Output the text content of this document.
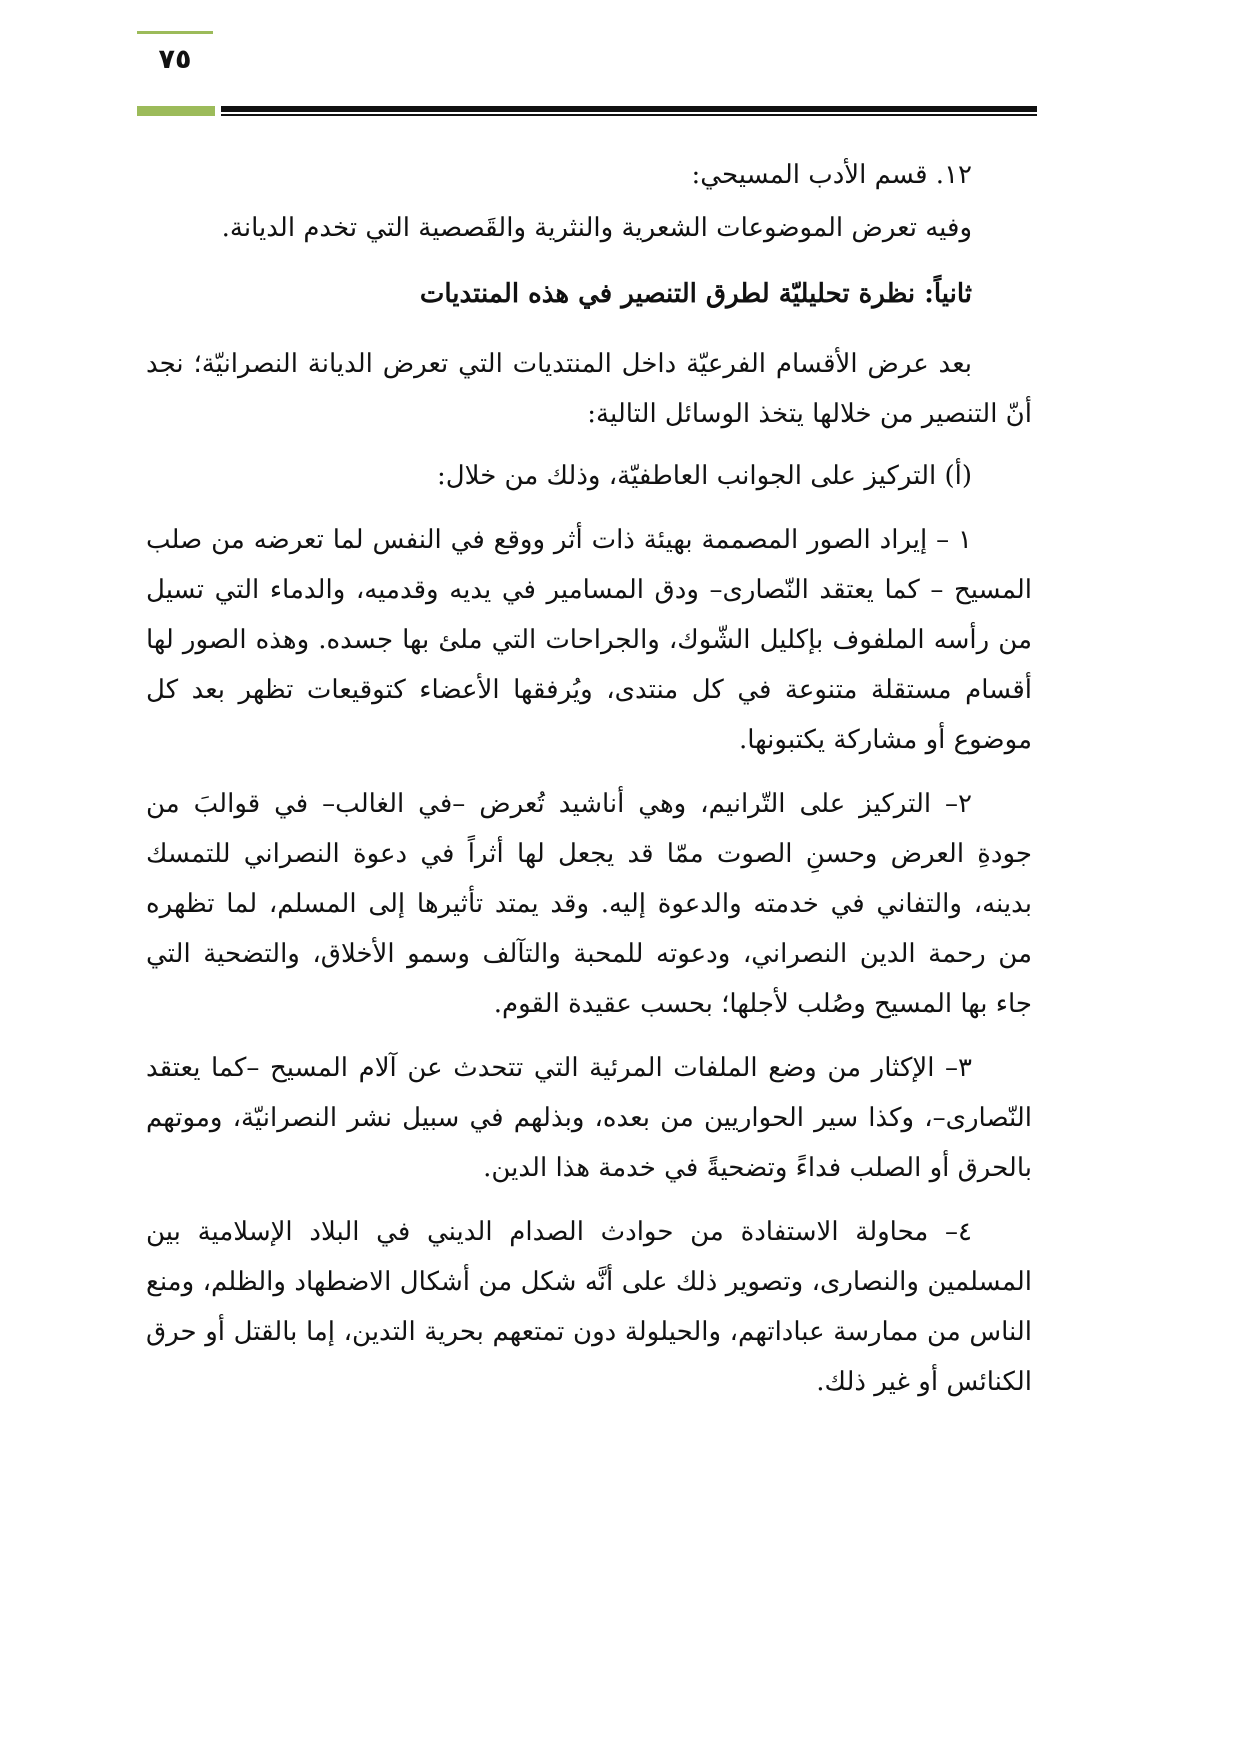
٧٥

١٢. قسم الأدب المسيحي:

وفيه تعرض الموضوعات الشعرية والنثرية والقَصصية التي تخدم الديانة.

ثانياً: نظرة تحليليّة لطرق التنصير في هذه المنتديات

بعد عرض الأقسام الفرعيّة داخل المنتديات التي تعرض الديانة النصرانيّة؛ نجد أنّ التنصير من خلالها يتخذ الوسائل التالية:

(أ) التركيز على الجوانب العاطفيّة، وذلك من خلال:

١ – إيراد الصور المصممة بهيئة ذات أثر ووقع في النفس لما تعرضه من صلب المسيح – كما يعتقد النّصارى– ودق المسامير في يديه وقدميه، والدماء التي تسيل من رأسه الملفوف بإكليل الشّوك، والجراحات التي ملئ بها جسده. وهذه الصور لها أقسام مستقلة متنوعة في كل منتدى، ويُرفقها الأعضاء كتوقيعات تظهر بعد كل موضوع أو مشاركة يكتبونها.

٢– التركيز على التّرانيم، وهي أناشيد تُعرض –في الغالب– في قوالبَ من جودةِ العرض وحسنِ الصوت ممّا قد يجعل لها أثراً في دعوة النصراني للتمسك بدينه، والتفاني في خدمته والدعوة إليه. وقد يمتد تأثيرها إلى المسلم، لما تظهره من رحمة الدين النصراني، ودعوته للمحبة والتآلف وسمو الأخلاق، والتضحية التي جاء بها المسيح وصُلب لأجلها؛ بحسب عقيدة القوم.

٣– الإكثار من وضع الملفات المرئية التي تتحدث عن آلام المسيح –كما يعتقد النّصارى–، وكذا سير الحواريين من بعده، وبذلهم في سبيل نشر النصرانيّة، وموتهم بالحرق أو الصلب فداءً وتضحيةً في خدمة هذا الدين.

٤– محاولة الاستفادة من حوادث الصدام الديني في البلاد الإسلامية بين المسلمين والنصارى، وتصوير ذلك على أنَّه شكل من أشكال الاضطهاد والظلم، ومنع الناس من ممارسة عباداتهم، والحيلولة دون تمتعهم بحرية التدين، إما بالقتل أو حرق الكنائس أو غير ذلك.
